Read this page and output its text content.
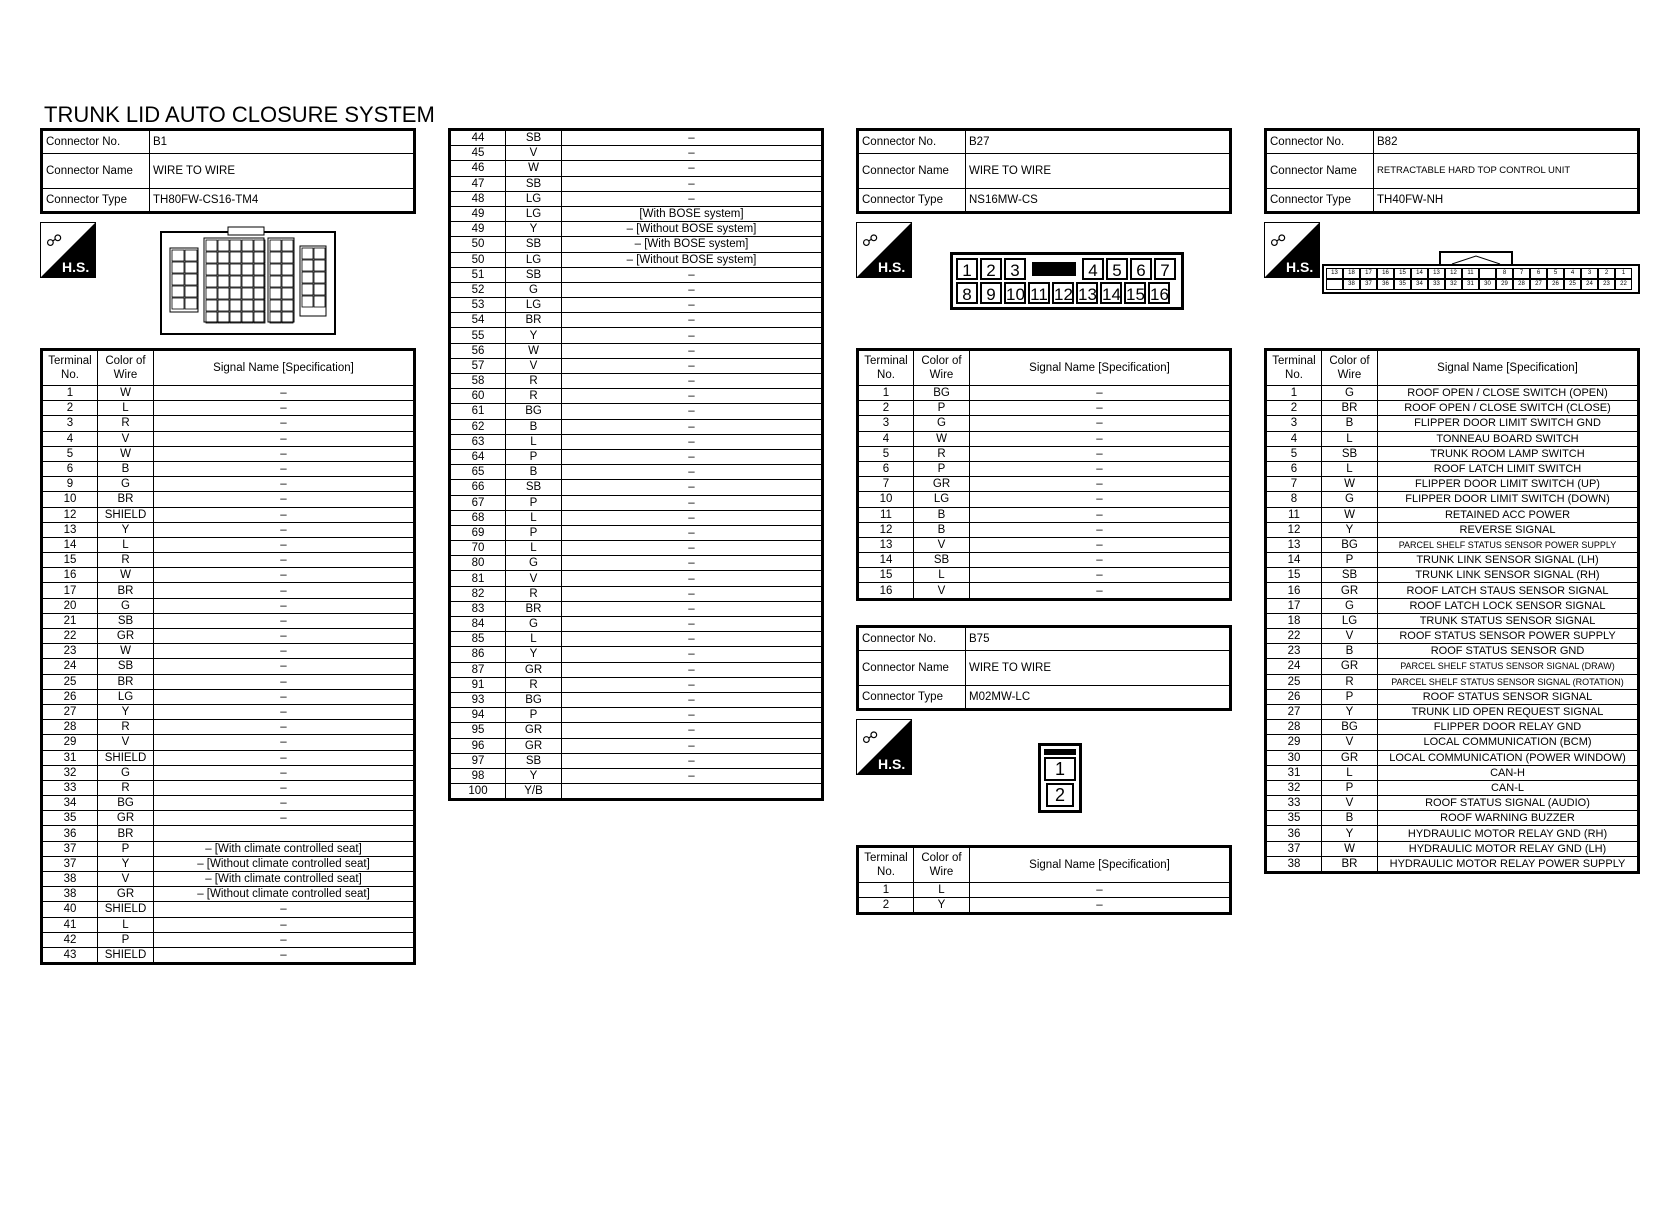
TRUNK LID AUTO CLOSURE SYSTEM
Connector No.	B1
Connector Name	WIRE TO WIRE
Connector Type	TH80FW-CS16-TM4
☍
H.S.
Terminal No.	Color of Wire	Signal Name [Specification]
1	W	–
2	L	–
3	R	–
4	V	–
5	W	–
6	B	–
9	G	–
10	BR	–
12	SHIELD	–
13	Y	–
14	L	–
15	R	–
16	W	–
17	BR	–
20	G	–
21	SB	–
22	GR	–
23	W	–
24	SB	–
25	BR	–
26	LG	–
27	Y	–
28	R	–
29	V	–
31	SHIELD	–
32	G	–
33	R	–
34	BG	–
35	GR	–
36	BR	
37	P	– [With climate controlled seat]
37	Y	– [Without climate controlled seat]
38	V	– [With climate controlled seat]
38	GR	– [Without climate controlled seat]
40	SHIELD	–
41	L	–
42	P	–
43	SHIELD	–
44	SB	–
45	V	–
46	W	–
47	SB	–
48	LG	–
49	LG	[With BOSE system]
49	Y	– [Without BOSE system]
50	SB	– [With BOSE system]
50	LG	– [Without BOSE system]
51	SB	–
52	G	–
53	LG	–
54	BR	–
55	Y	–
56	W	–
57	V	–
58	R	–
60	R	–
61	BG	–
62	B	–
63	L	–
64	P	–
65	B	–
66	SB	–
67	P	–
68	L	–
69	P	–
70	L	–
80	G	–
81	V	–
82	R	–
83	BR	–
84	G	–
85	L	–
86	Y	–
87	GR	–
91	R	–
93	BG	–
94	P	–
95	GR	–
96	GR	–
97	SB	–
98	Y	–
100	Y/B	
Connector No.	B27
Connector Name	WIRE TO WIRE
Connector Type	NS16MW-CS
☍
H.S.	1 2 3	4 5 6 7
8 9 10 11 12 13 14 15 16
Terminal No.	Color of Wire	Signal Name [Specification]
1	BG	–
2	P	–
3	G	–
4	W	–
5	R	–
6	P	–
7	GR	–
10	LG	–
11	B	–
12	B	–
13	V	–
14	SB	–
15	L	–
16	V	–
Connector No.	B75
Connector Name	WIRE TO WIRE
Connector Type	M02MW-LC
☍
H.S.	1
2
Terminal No.	Color of Wire	Signal Name [Specification]
1	L	–
2	Y	–
Connector No.	B82
Connector Name	RETRACTABLE HARD TOP CONTROL UNIT
Connector Type	TH40FW-NH
☍
H.S.	13	18	17	16	15	14	13	12	11	8	7	6	5	4	3	2	1
38	37	36	35	34	33	32	31	30	29	28	27	26	25	24	23	22
Terminal No.	Color of Wire	Signal Name [Specification]
1	G	ROOF OPEN / CLOSE SWITCH (OPEN)
2	BR	ROOF OPEN / CLOSE SWITCH (CLOSE)
3	B	FLIPPER DOOR LIMIT SWITCH GND
4	L	TONNEAU BOARD SWITCH
5	SB	TRUNK ROOM LAMP SWITCH
6	L	ROOF LATCH LIMIT SWITCH
7	W	FLIPPER DOOR LIMIT SWITCH (UP)
8	G	FLIPPER DOOR LIMIT SWITCH (DOWN)
11	W	RETAINED ACC POWER
12	Y	REVERSE SIGNAL
13	BG	PARCEL SHELF STATUS SENSOR POWER SUPPLY
14	P	TRUNK LINK SENSOR SIGNAL (LH)
15	SB	TRUNK LINK SENSOR SIGNAL (RH)
16	GR	ROOF LATCH STAUS SENSOR SIGNAL
17	G	ROOF LATCH LOCK SENSOR SIGNAL
18	LG	TRUNK STATUS SENSOR SIGNAL
22	V	ROOF STATUS SENSOR POWER SUPPLY
23	B	ROOF STATUS SENSOR GND
24	GR	PARCEL SHELF STATUS SENSOR SIGNAL (DRAW)
25	R	PARCEL SHELF STATUS SENSOR SIGNAL (ROTATION)
26	P	ROOF STATUS SENSOR SIGNAL
27	Y	TRUNK LID OPEN REQUEST SIGNAL
28	BG	FLIPPER DOOR RELAY GND
29	V	LOCAL COMMUNICATION (BCM)
30	GR	LOCAL COMMUNICATION (POWER WINDOW)
31	L	CAN-H
32	P	CAN-L
33	V	ROOF STATUS SIGNAL (AUDIO)
35	B	ROOF WARNING BUZZER
36	Y	HYDRAULIC MOTOR RELAY GND (RH)
37	W	HYDRAULIC MOTOR RELAY GND (LH)
38	BR	HYDRAULIC MOTOR RELAY POWER SUPPLY
